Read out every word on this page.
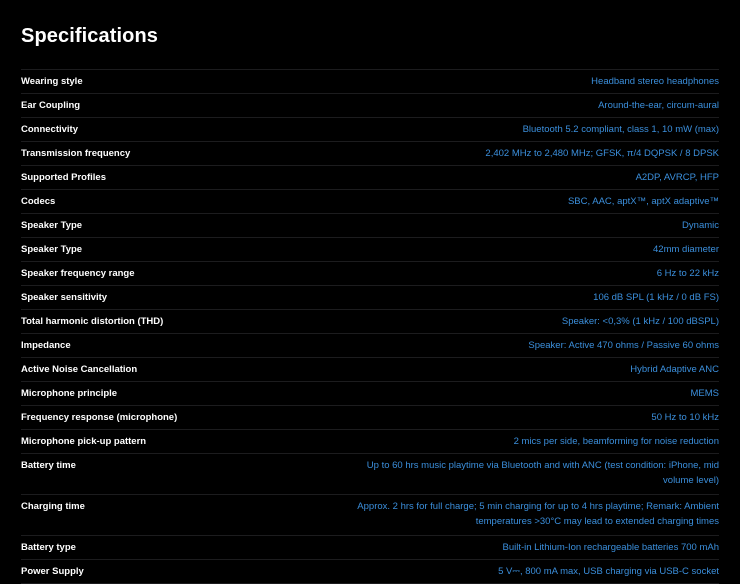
Specifications
Wearing style	Headband stereo headphones
Ear Coupling	Around-the-ear, circum-aural
Connectivity	Bluetooth 5.2 compliant, class 1, 10 mW (max)
Transmission frequency	2,402 MHz to 2,480 MHz; GFSK, π/4 DQPSK / 8 DPSK
Supported Profiles	A2DP, AVRCP, HFP
Codecs	SBC, AAC, aptX™, aptX adaptive™
Speaker Type	Dynamic
Speaker Type	42mm diameter
Speaker frequency range	6 Hz to 22 kHz
Speaker sensitivity	106 dB SPL (1 kHz / 0 dB FS)
Total harmonic distortion (THD)	Speaker: <0,3% (1 kHz / 100 dBSPL)
Impedance	Speaker: Active 470 ohms / Passive 60 ohms
Active Noise Cancellation	Hybrid Adaptive ANC
Microphone principle	MEMS
Frequency response (microphone)	50 Hz to 10 kHz
Microphone pick-up pattern	2 mics per side, beamforming for noise reduction
Battery time	Up to 60 hrs music playtime via Bluetooth and with ANC (test condition: iPhone, mid volume level)
Charging time	Approx. 2 hrs for full charge; 5 min charging for up to 4 hrs playtime; Remark: Ambient temperatures >30°C may lead to extended charging times
Battery type	Built-in Lithium-Ion rechargeable batteries 700 mAh
Power Supply	5 V⎓, 800 mA max, USB charging via USB-C socket
